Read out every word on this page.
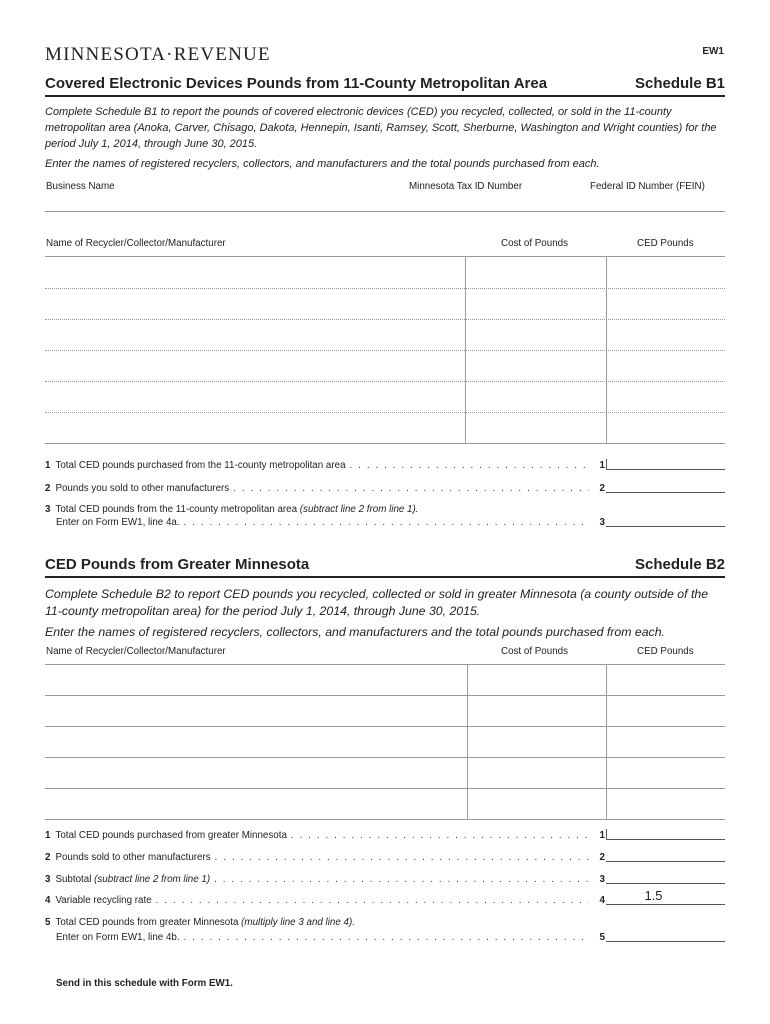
MINNESOTA·REVENUE	EW1
Covered Electronic Devices Pounds from 11-County Metropolitan Area	Schedule B1
Complete Schedule B1 to report the pounds of covered electronic devices (CED) you recycled, collected, or sold in the 11-county metropolitan area (Anoka, Carver, Chisago, Dakota, Hennepin, Isanti, Ramsey, Scott, Sherburne, Washington and Wright counties) for the period July 1, 2014, through June 30, 2015.
Enter the names of registered recyclers, collectors, and manufacturers and the total pounds purchased from each.
Business Name	Minnesota Tax ID Number	Federal ID Number (FEIN)
Name of Recycler/Collector/Manufacturer	Cost of Pounds	CED Pounds
1 Total CED pounds purchased from the 11-county metropolitan area . . .	1
2 Pounds you sold to other manufacturers . . .	2
3 Total CED pounds from the 11-county metropolitan area
(subtract line 2 from line 1).
Enter on Form EW1, line 4a. . . .	3
CED Pounds from Greater Minnesota	Schedule B2
Complete Schedule B2 to report CED pounds you recycled, collected or sold in greater Minnesota (a county outside of the 11-county metropolitan area) for the period July 1, 2014, through June 30, 2015.
Enter the names of registered recyclers, collectors, and manufacturers and the total pounds purchased from each.
Name of Recycler/Collector/Manufacturer	Cost of Pounds	CED Pounds
1 Total CED pounds purchased from greater Minnesota . . .	1
2 Pounds sold to other manufacturers . . .	2
3 Subtotal
(subtract line 2 from line 1) . . .	3
4 Variable recycling rate . . .	4	1.5
5 Total CED pounds from greater Minnesota
(multiply line 3 and line 4).
Enter on Form EW1, line 4b. . . .	5
Send in this schedule with Form EW1.
